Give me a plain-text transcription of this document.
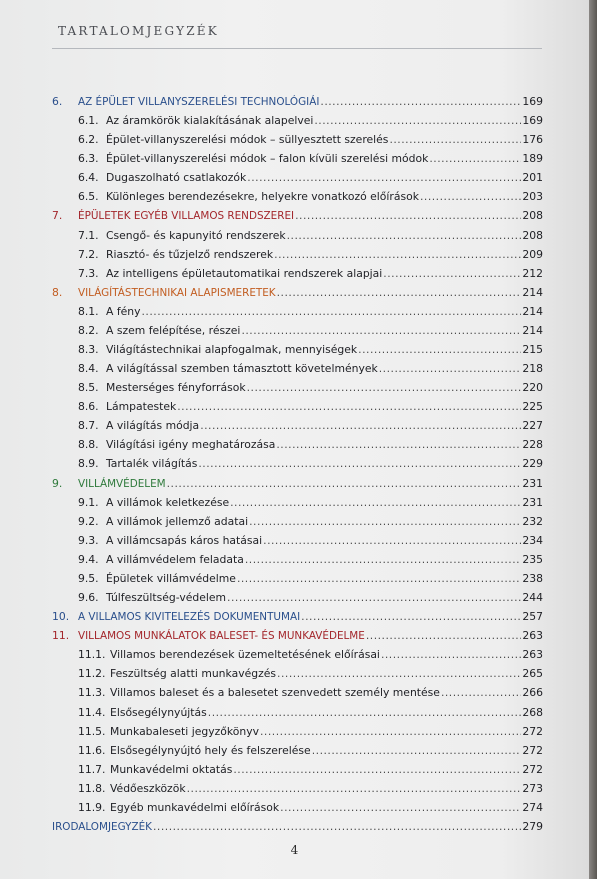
TARTALOMJEGYZÉK
6.	AZ ÉPÜLET VILLANYSZERELÉSI TECHNOLÓGIÁI .....	169
6.1. Az áramkörök kialakításának alapelvei .....	169
6.2. Épület-villanyszerelési módok – süllyesztett szerelés .....	176
6.3. Épület-villanyszerelési módok – falon kívüli szerelési módok .....	189
6.4. Dugaszolható csatlakozók .....	201
6.5. Különleges berendezésekre, helyekre vonatkozó előírások .....	203
7.	ÉPÜLETEK EGYÉB VILLAMOS RENDSZEREI .....	208
7.1. Csengő- és kapunyitó rendszerek .....	208
7.2. Riasztó- és tűzjelző rendszerek .....	209
7.3. Az intelligens épületautomatikai rendszerek alapjai .....	212
8.	VILÁGÍTÁSTECHNIKAI ALAPISMERETEK .....	214
8.1. A fény .....	214
8.2. A szem felépítése, részei .....	214
8.3. Világítástechnikai alapfogalmak, mennyiségek .....	215
8.4. A világítással szemben támasztott követelmények .....	218
8.5. Mesterséges fényforrások .....	220
8.6. Lámpatestek .....	225
8.7. A világítás módja .....	227
8.8. Világítási igény meghatározása .....	228
8.9. Tartalék világítás .....	229
9.	VILLÁMVÉDELEM .....	231
9.1. A villámok keletkezése .....	231
9.2. A villámok jellemző adatai .....	232
9.3. A villámcsapás káros hatásai .....	234
9.4. A villámvédelem feladata .....	235
9.5. Épületek villámvédelme .....	238
9.6. Túlfeszültség-védelem .....	244
10. A VILLAMOS KIVITELEZÉS DOKUMENTUMAI .....	257
11. VILLAMOS MUNKÁLATOK BALESET- ÉS MUNKAVÉDELME .....	263
11.1. Villamos berendezések üzemeltetésének előírásai .....	263
11.2. Feszültség alatti munkavégzés .....	265
11.3. Villamos baleset és a balesetet szenvedett személy mentése .....	266
11.4. Elsősegélynyújtás .....	268
11.5. Munkabaleseti jegyzőkönyv .....	272
11.6. Elsősegélynyújtó hely és felszerelése .....	272
11.7. Munkavédelmi oktatás .....	272
11.8. Védőeszközök .....	273
11.9. Egyéb munkavédelmi előírások .....	274
IRODALOMJEGYZÉK .....	279
4
